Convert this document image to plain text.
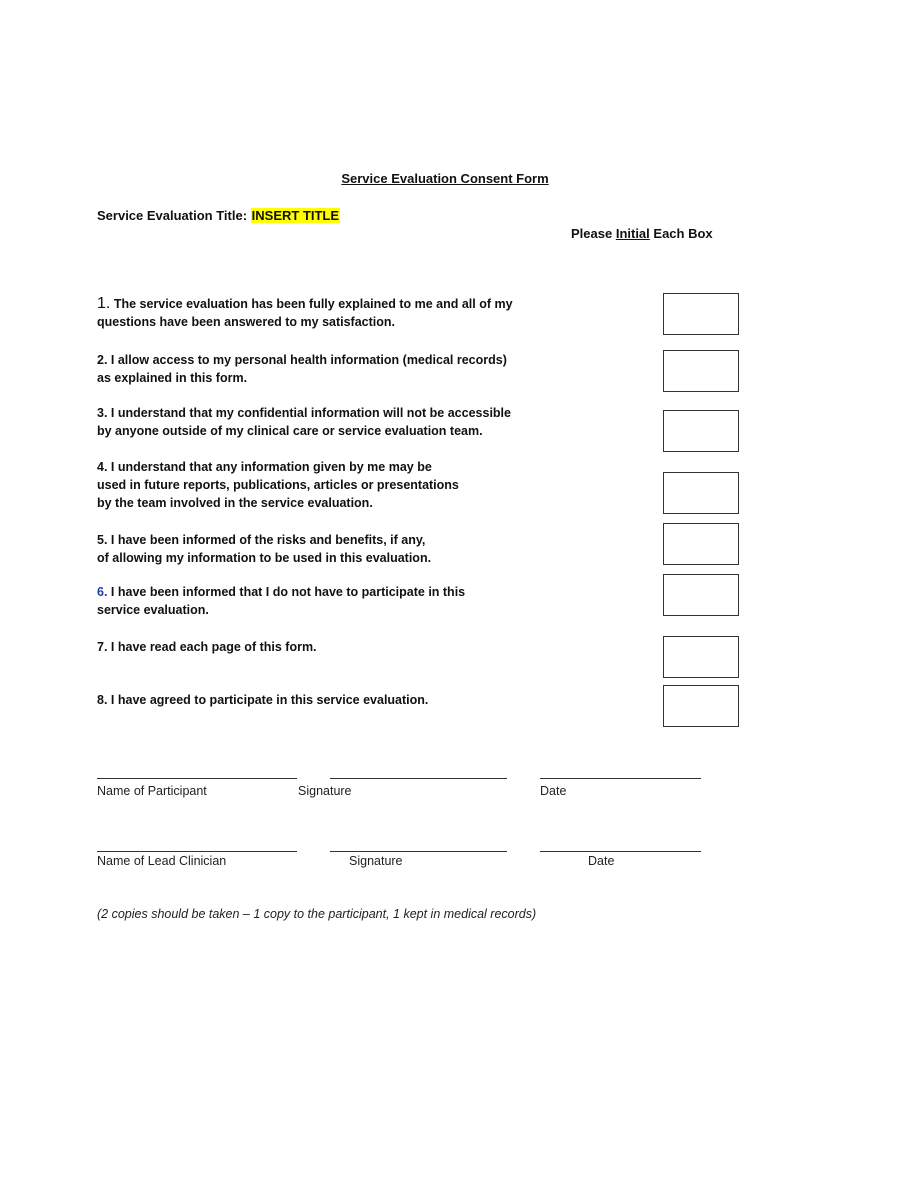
Service Evaluation Consent Form
Service Evaluation Title: INSERT TITLE
Please Initial Each Box
1. The service evaluation has been fully explained to me and all of my
questions have been answered to my satisfaction.
2. I allow access to my personal health information (medical records)
as explained in this form.
3. I understand that my confidential information will not be accessible
by anyone outside of my clinical care or service evaluation team.
4. I understand that any information given by me may be
used in future reports, publications, articles or presentations
by the team involved in the service evaluation.
5. I have been informed of the risks and benefits, if any,
of allowing my information to be used in this evaluation.
6. I have been informed that I do not have to participate in this
service evaluation.
7. I have read each page of this form.
8. I have agreed to participate in this service evaluation.
Name of Participant	Signature	Date
Name of Lead Clinician	Signature	Date
(2 copies should be taken – 1 copy to the participant, 1 kept in medical records)
